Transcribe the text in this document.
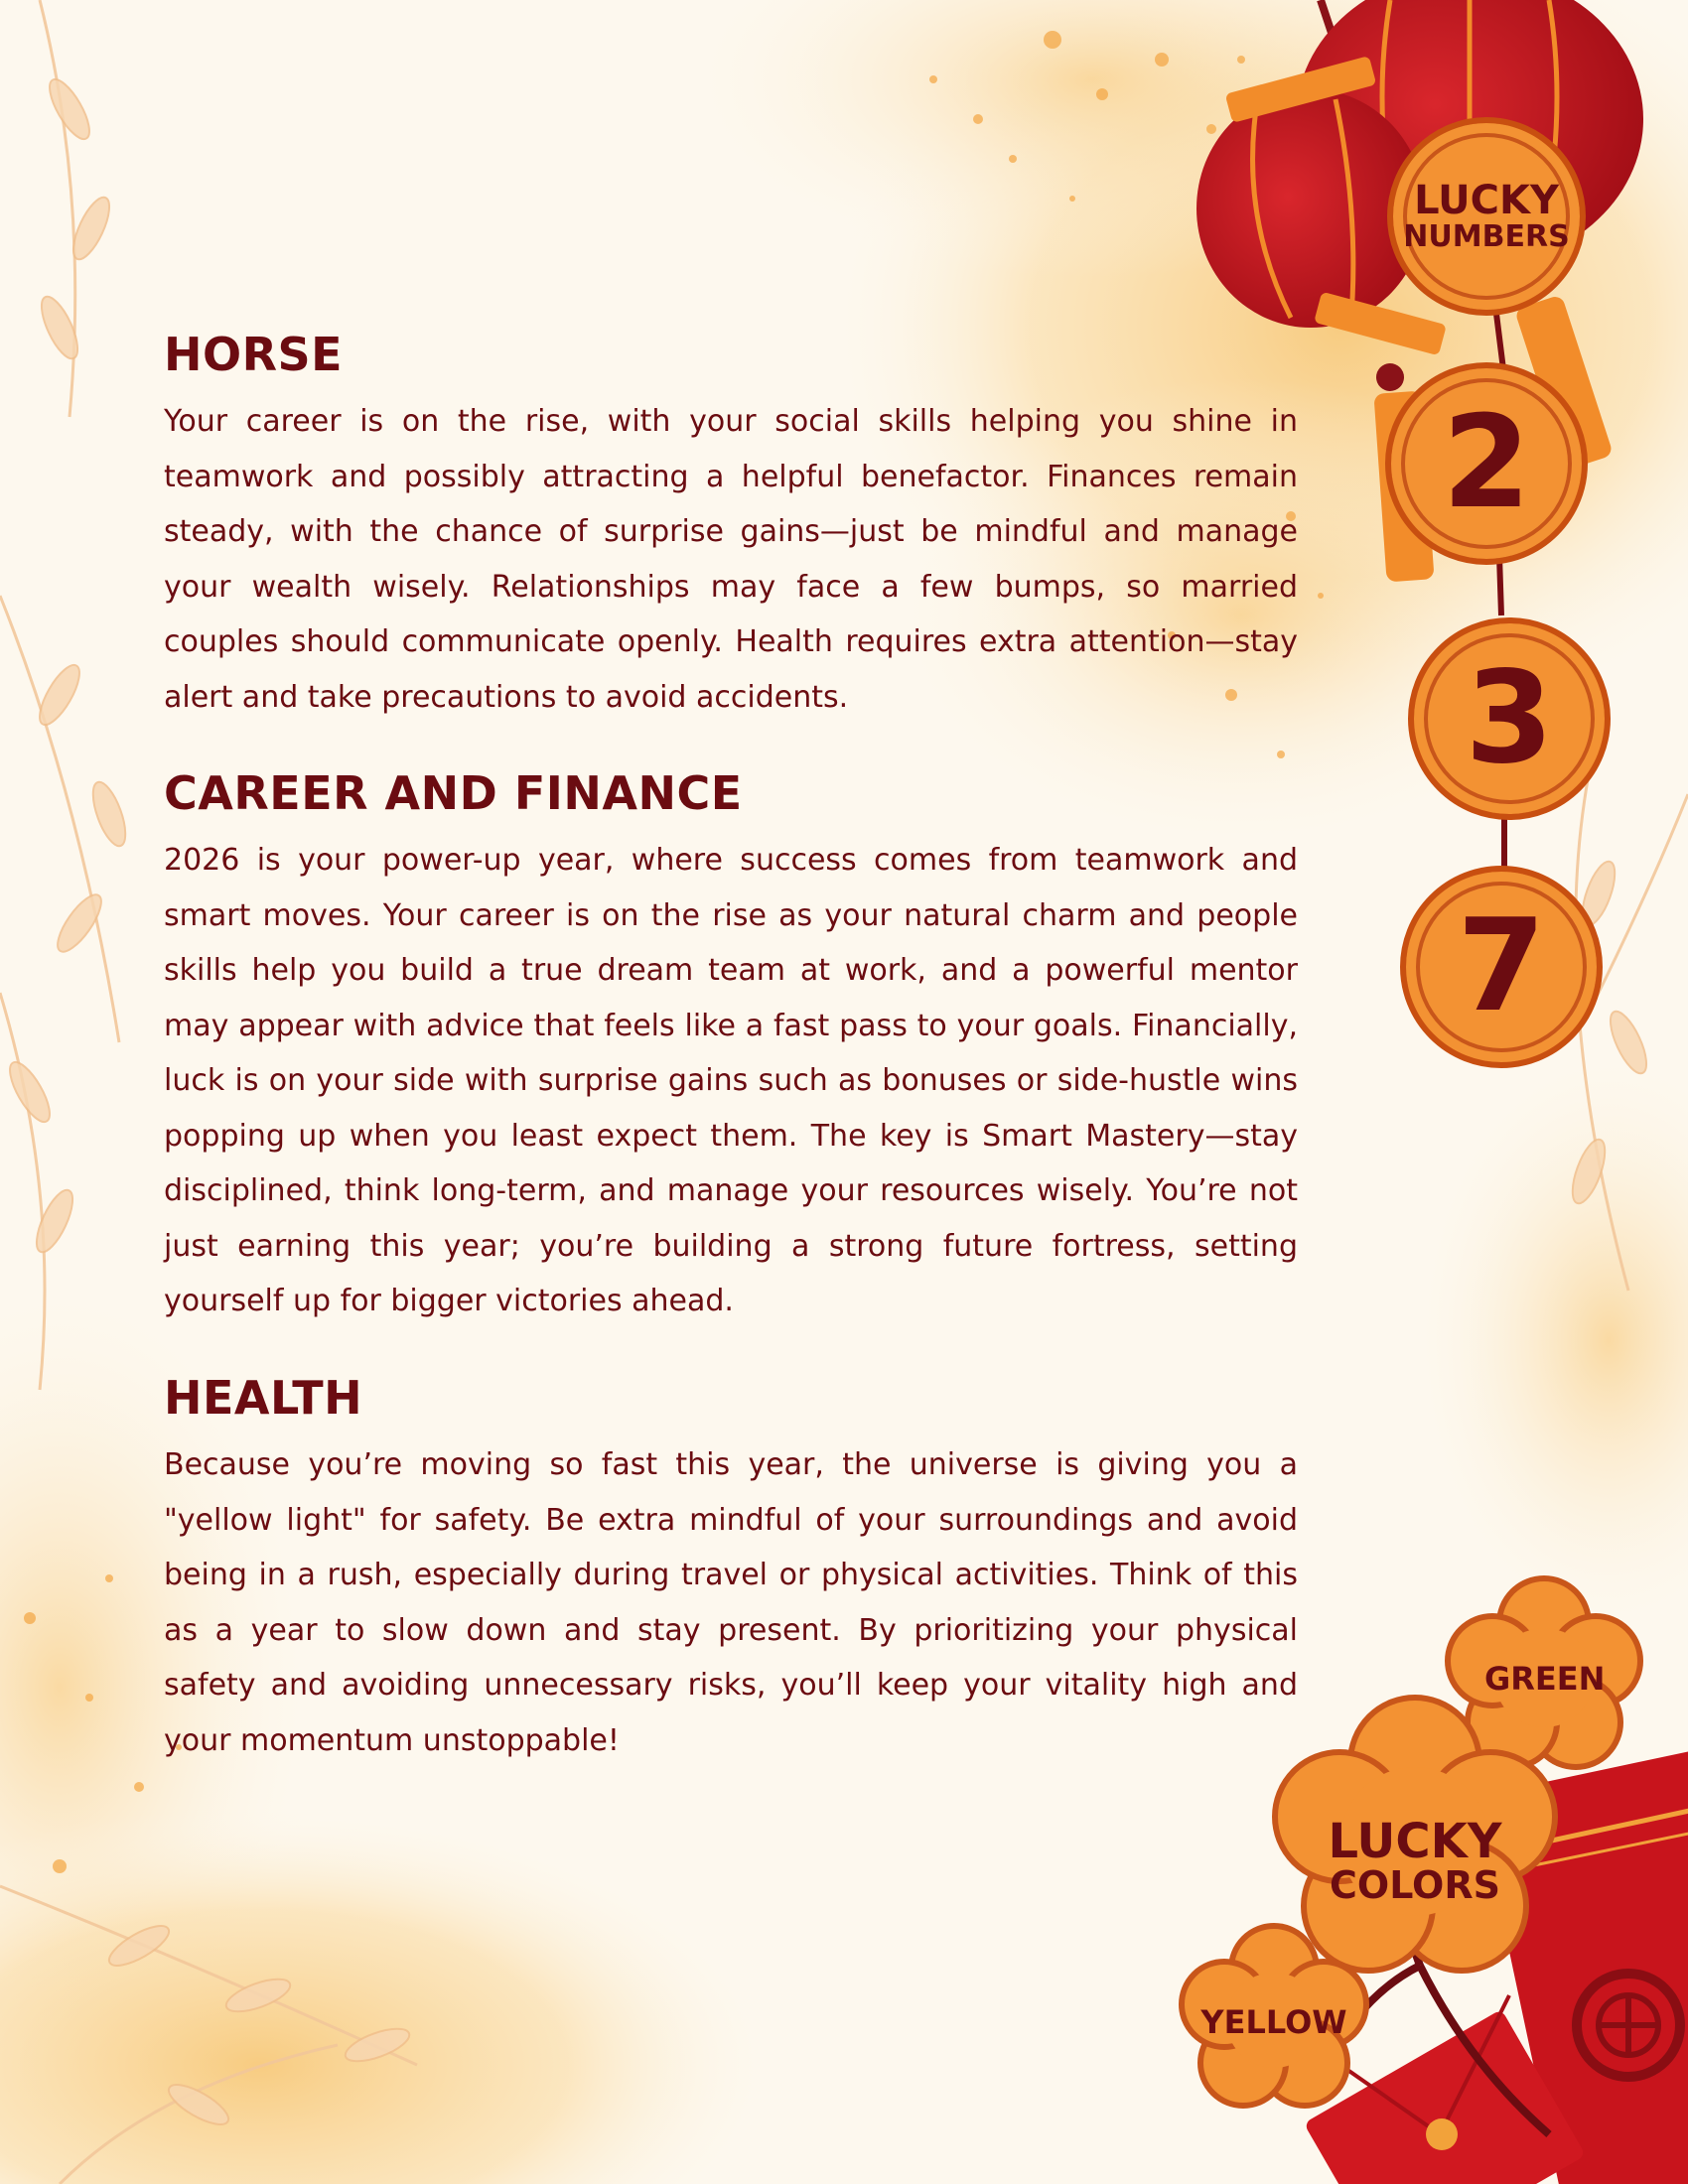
HORSE

Your career is on the rise, with your social skills helping you shine in teamwork and possibly attracting a helpful benefactor. Finances remain steady, with the chance of surprise gains—just be mindful and manage your wealth wisely. Relationships may face a few bumps, so married couples should communicate openly. Health requires extra attention—stay alert and take precautions to avoid accidents.

CAREER AND FINANCE

2026 is your power-up year, where success comes from teamwork and smart moves. Your career is on the rise as your natural charm and people skills help you build a true dream team at work, and a powerful mentor may appear with advice that feels like a fast pass to your goals. Financially, luck is on your side with surprise gains such as bonuses or side-hustle wins popping up when you least expect them. The key is Smart Mastery—stay disciplined, think long-term, and manage your resources wisely. You’re not just earning this year; you’re building a strong future fortress, setting yourself up for bigger victories ahead.

HEALTH

Because you’re moving so fast this year, the universe is giving you a "yellow light" for safety. Be extra mindful of your surroundings and avoid being in a rush, especially during travel or physical activities. Think of this as a year to slow down and stay present. By prioritizing your physical safety and avoiding unnecessary risks, you’ll keep your vitality high and your momentum unstoppable!

LUCKY
NUMBERS
2
3
7
GREEN
LUCKY
COLORS
YELLOW
